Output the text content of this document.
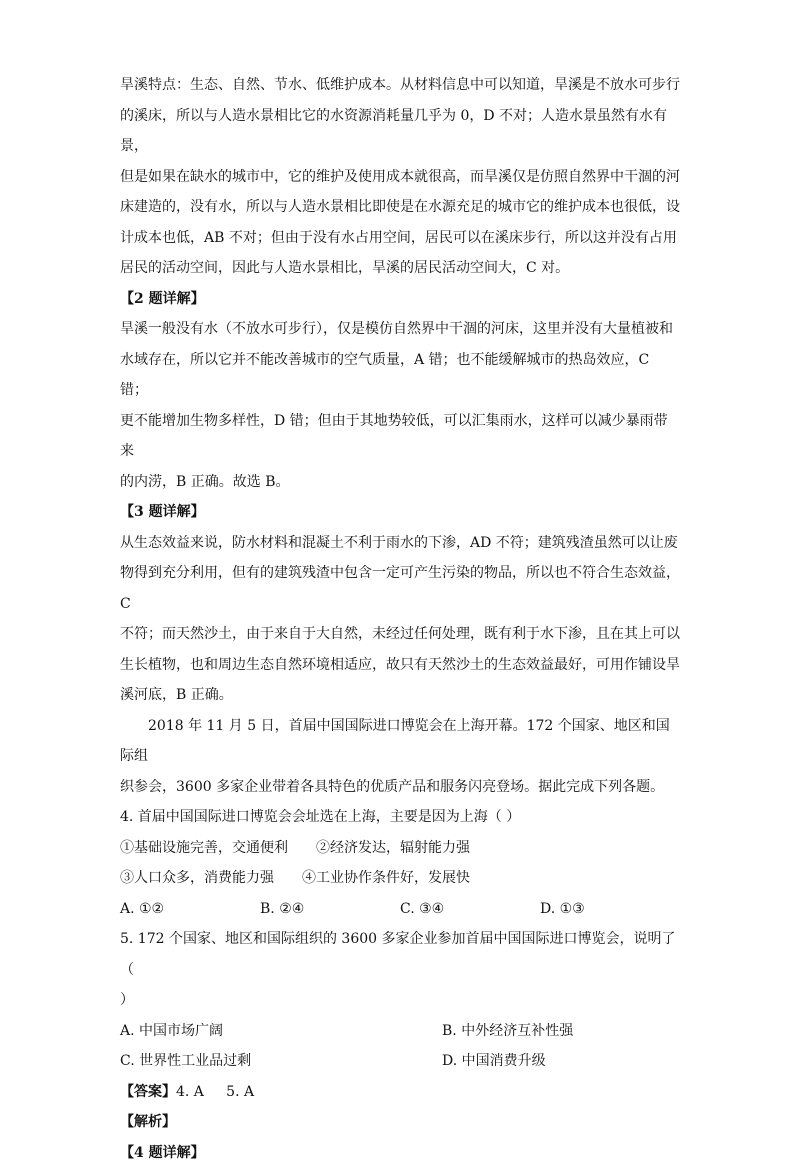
旱溪特点：生态、自然、节水、低维护成本。从材料信息中可以知道，旱溪是不放水可步行

的溪床，所以与人造水景相比它的水资源消耗量几乎为 0，D 不对；人造水景虽然有水有景，

但是如果在缺水的城市中，它的维护及使用成本就很高，而旱溪仅是仿照自然界中干涸的河

床建造的，没有水，所以与人造水景相比即使是在水源充足的城市它的维护成本也很低，设

计成本也低，AB 不对；但由于没有水占用空间，居民可以在溪床步行，所以这并没有占用

居民的活动空间，因此与人造水景相比，旱溪的居民活动空间大，C 对。

【2 题详解】

旱溪一般没有水（不放水可步行），仅是模仿自然界中干涸的河床，这里并没有大量植被和

水域存在，所以它并不能改善城市的空气质量，A 错；也不能缓解城市的热岛效应，C 错；

更不能增加生物多样性，D 错；但由于其地势较低，可以汇集雨水，这样可以减少暴雨带来

的内涝，B 正确。故选 B。

【3 题详解】

从生态效益来说，防水材料和混凝土不利于雨水的下渗，AD 不符；建筑残渣虽然可以让废

物得到充分利用，但有的建筑残渣中包含一定可产生污染的物品，所以也不符合生态效益，C

不符；而天然沙土，由于来自于大自然，未经过任何处理，既有利于水下渗，且在其上可以

生长植物，也和周边生态自然环境相适应，故只有天然沙土的生态效益最好，可用作铺设旱

溪河底，B 正确。

2018 年 11 月 5 日，首届中国国际进口博览会在上海开幕。172 个国家、地区和国际组

织参会，3600 多家企业带着各具特色的优质产品和服务闪亮登场。据此完成下列各题。

4. 首届中国国际进口博览会会址选在上海，主要是因为上海（ ）

①基础设施完善，交通便利 ②经济发达，辐射能力强

③人口众多，消费能力强 ④工业协作条件好，发展快

A. ①②	B. ②④	C. ③④	D. ①③

5. 172 个国家、地区和国际组织的 3600 多家企业参加首届中国国际进口博览会，说明了（

）

A. 中国市场广阔	B. 中外经济互补性强
C. 世界性工业品过剩	D. 中国消费升级

【答案】4. A     5. A

【解析】

【4 题详解】
